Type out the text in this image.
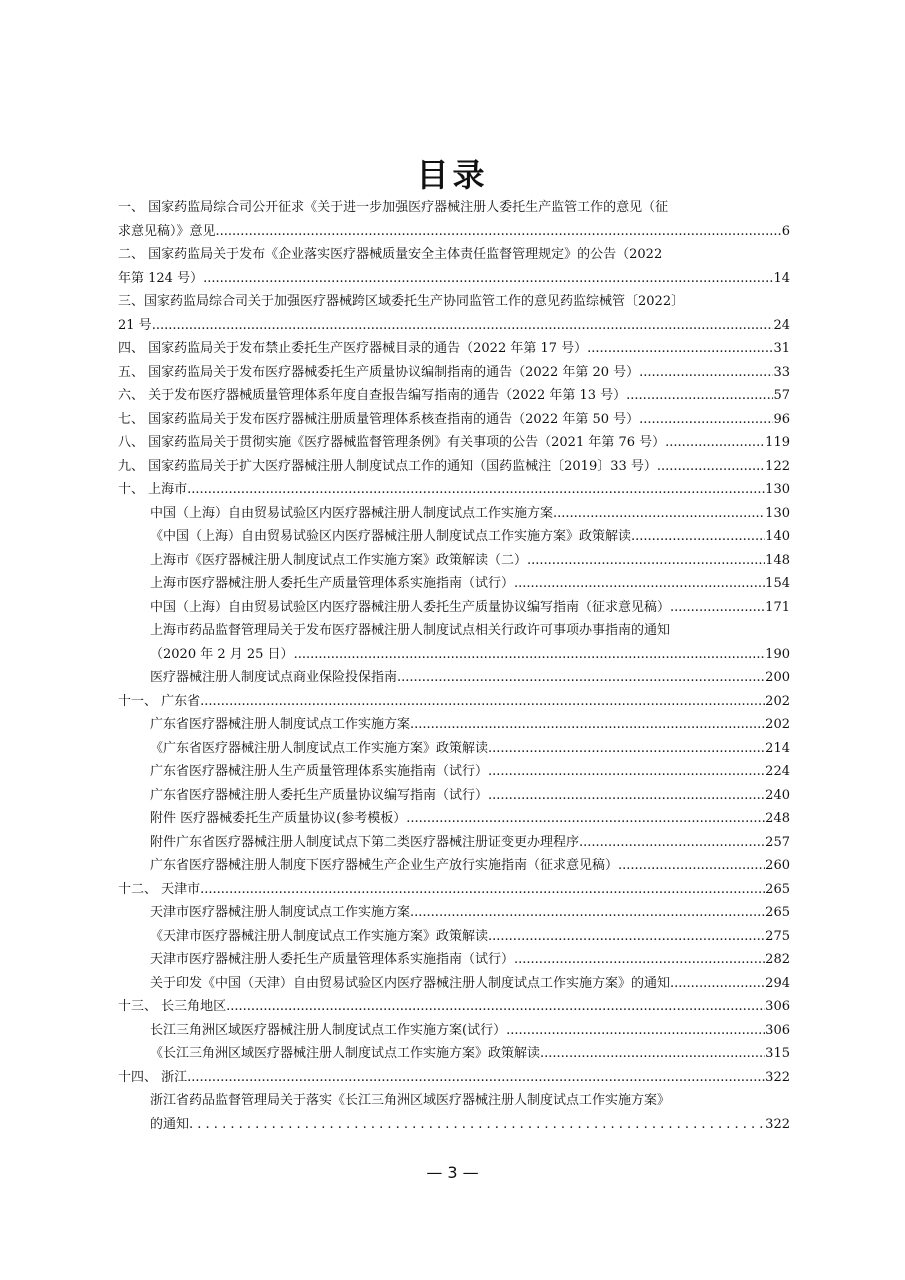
目录
一、 国家药监局综合司公开征求《关于进一步加强医疗器械注册人委托生产监管工作的意见（征
求意见稿）》意见 .....	6
二、 国家药监局关于发布《企业落实医疗器械质量安全主体责任监督管理规定》的公告（2022
年第 124 号） .....	14
三、国家药监局综合司关于加强医疗器械跨区域委托生产协同监管工作的意见药监综械管〔2022〕
21 号 .....	24
四、 国家药监局关于发布禁止委托生产医疗器械目录的通告（2022 年第 17 号） .....	31
五、 国家药监局关于发布医疗器械委托生产质量协议编制指南的通告（2022 年第 20 号） .....	33
六、 关于发布医疗器械质量管理体系年度自查报告编写指南的通告（2022 年第 13 号） .....	57
七、 国家药监局关于发布医疗器械注册质量管理体系核查指南的通告（2022 年第 50 号） .....	96
八、 国家药监局关于贯彻实施《医疗器械监督管理条例》有关事项的公告（2021 年第 76 号） .....	119
九、 国家药监局关于扩大医疗器械注册人制度试点工作的通知（国药监械注〔2019〕33 号） .....	122
十、 上海市 .....	130
中国（上海）自由贸易试验区内医疗器械注册人制度试点工作实施方案 .....	130
《中国（上海）自由贸易试验区内医疗器械注册人制度试点工作实施方案》政策解读 .....	140
上海市《医疗器械注册人制度试点工作实施方案》政策解读（二） .....	148
上海市医疗器械注册人委托生产质量管理体系实施指南（试行） .....	154
中国（上海）自由贸易试验区内医疗器械注册人委托生产质量协议编写指南（征求意见稿） .....	171
上海市药品监督管理局关于发布医疗器械注册人制度试点相关行政许可事项办事指南的通知
（2020 年 2 月 25 日） .....	190
医疗器械注册人制度试点商业保险投保指南 .....	200
十一、 广东省 .....	202
广东省医疗器械注册人制度试点工作实施方案 .....	202
《广东省医疗器械注册人制度试点工作实施方案》政策解读 .....	214
广东省医疗器械注册人生产质量管理体系实施指南（试行） .....	224
广东省医疗器械注册人委托生产质量协议编写指南（试行） .....	240
附件 医疗器械委托生产质量协议(参考模板） .....	248
附件广东省医疗器械注册人制度试点下第二类医疗器械注册证变更办理程序 .....	257
广东省医疗器械注册人制度下医疗器械生产企业生产放行实施指南（征求意见稿） .....	260
十二、 天津市 .....	265
天津市医疗器械注册人制度试点工作实施方案 .....	265
《天津市医疗器械注册人制度试点工作实施方案》政策解读 .....	275
天津市医疗器械注册人委托生产质量管理体系实施指南（试行） .....	282
关于印发《中国（天津）自由贸易试验区内医疗器械注册人制度试点工作实施方案》的通知 .....	294
十三、 长三角地区 .....	306
长江三角洲区域医疗器械注册人制度试点工作实施方案(试行） .....	306
《长江三角洲区域医疗器械注册人制度试点工作实施方案》政策解读 .....	315
十四、 浙江 .....	322
浙江省药品监督管理局关于落实《长江三角洲区域医疗器械注册人制度试点工作实施方案》
的通知 . . .	322
— 3 —
